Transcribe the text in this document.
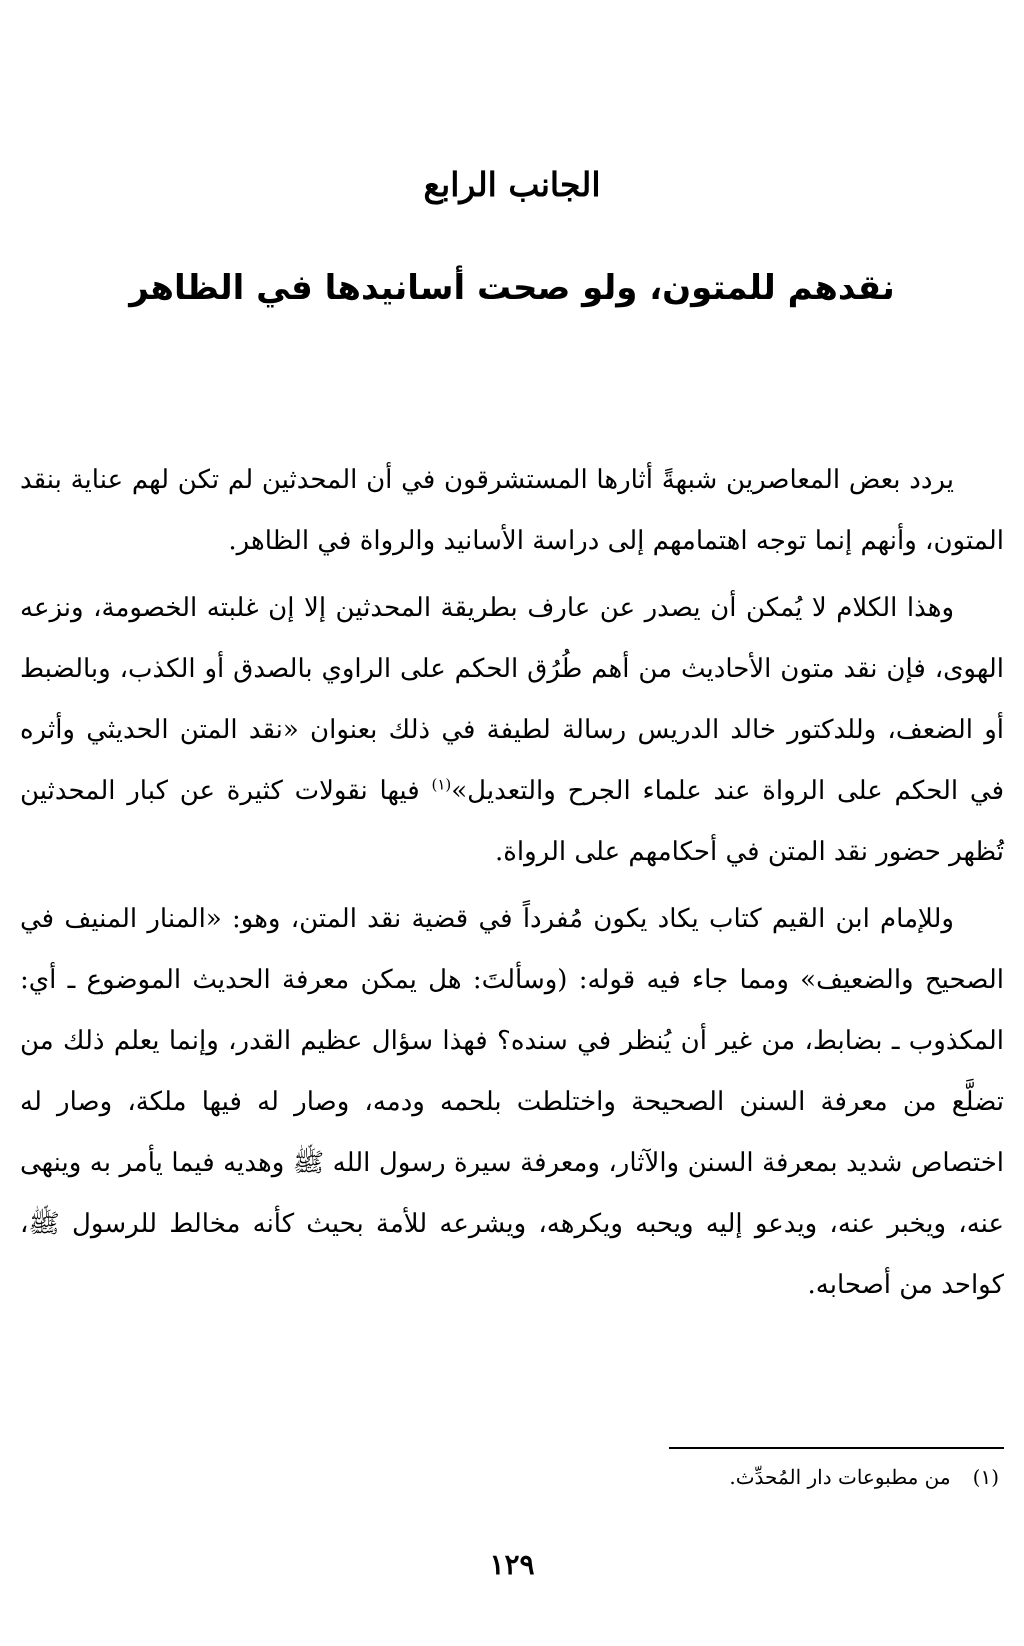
الجانب الرابع
نقدهم للمتون، ولو صحت أسانيدها في الظاهر

يردد بعض المعاصرين شبهةً أثارها المستشرقون في أن المحدثين لم تكن لهم عناية بنقد المتون، وأنهم إنما توجه اهتمامهم إلى دراسة الأسانيد والرواة في الظاهر.

وهذا الكلام لا يُمكن أن يصدر عن عارف بطريقة المحدثين إلا إن غلبته الخصومة، ونزعه الهوى، فإن نقد متون الأحاديث من أهم طُرُق الحكم على الراوي بالصدق أو الكذب، وبالضبط أو الضعف، وللدكتور خالد الدريس رسالة لطيفة في ذلك بعنوان «نقد المتن الحديثي وأثره في الحكم على الرواة عند علماء الجرح والتعديل»$^{(١)}$ فيها نقولات كثيرة عن كبار المحدثين تُظهر حضور نقد المتن في أحكامهم على الرواة.

وللإمام ابن القيم كتاب يكاد يكون مُفرداً في قضية نقد المتن، وهو: «المنار المنيف في الصحيح والضعيف» ومما جاء فيه قوله: (وسألتَ: هل يمكن معرفة الحديث الموضوع ـ أي: المكذوب ـ بضابط، من غير أن يُنظر في سنده؟ فهذا سؤال عظيم القدر، وإنما يعلم ذلك من تضلَّع من معرفة السنن الصحيحة واختلطت بلحمه ودمه، وصار له فيها ملكة، وصار له اختصاص شديد بمعرفة السنن والآثار، ومعرفة سيرة رسول الله ﷺ وهديه فيما يأمر به وينهى عنه، ويخبر عنه، ويدعو إليه ويحبه ويكرهه، ويشرعه للأمة بحيث كأنه مخالط للرسول ﷺ، كواحد من أصحابه.

(١)من مطبوعات دار المُحدِّث.

١٢٩
